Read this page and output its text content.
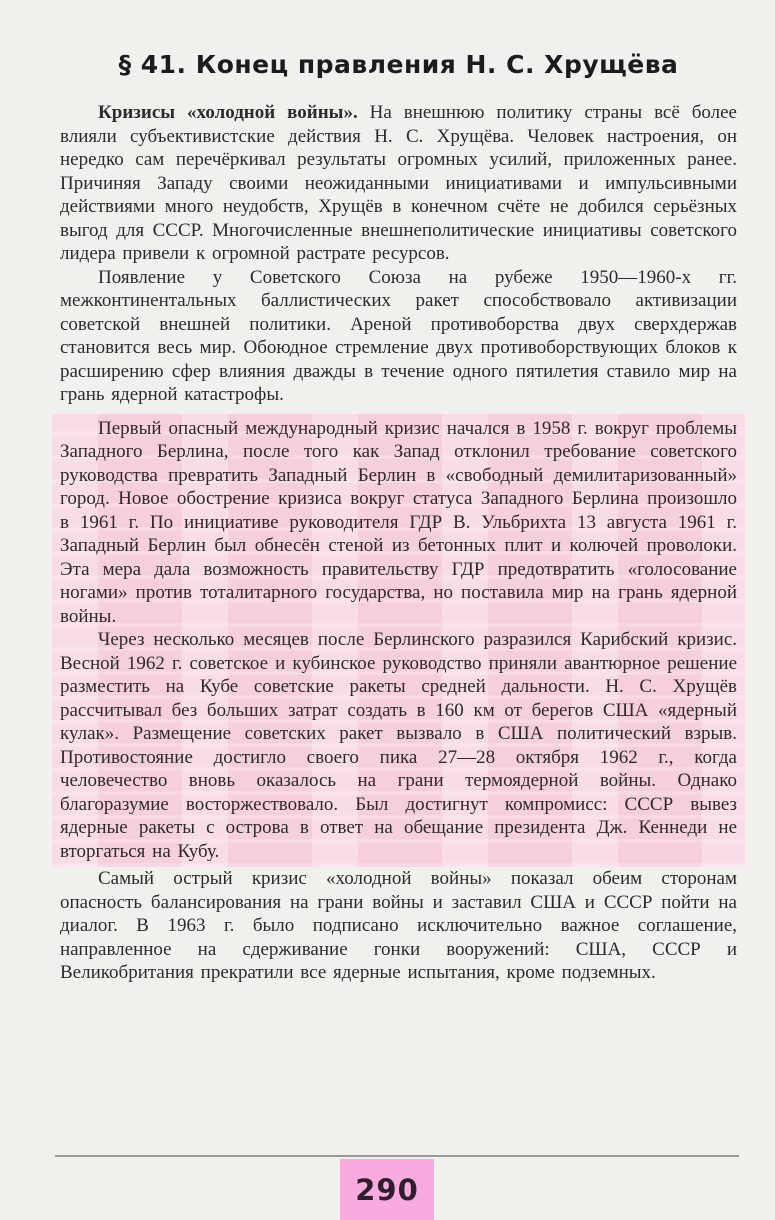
§ 41. Конец правления Н. С. Хрущёва

Кризисы «холодной войны». На внешнюю политику страны всё более влияли субъективистские действия Н. С. Хрущёва. Человек настроения, он нередко сам перечёркивал результаты огромных усилий, приложенных ранее. Причиняя Западу своими неожиданными инициативами и импульсивными действиями много неудобств, Хрущёв в конечном счёте не добился серьёзных выгод для СССР. Многочисленные внешнеполитические инициативы советского лидера привели к огромной растрате ресурсов.

Появление у Советского Союза на рубеже 1950—1960-х гг. межконтинентальных баллистических ракет способствовало активизации советской внешней политики. Ареной противоборства двух сверхдержав становится весь мир. Обоюдное стремление двух противоборствующих блоков к расширению сфер влияния дважды в течение одного пятилетия ставило мир на грань ядерной катастрофы.

Первый опасный международный кризис начался в 1958 г. вокруг проблемы Западного Берлина, после того как Запад отклонил требование советского руководства превратить Западный Берлин в «свободный демилитаризованный» город. Новое обострение кризиса вокруг статуса Западного Берлина произошло в 1961 г. По инициативе руководителя ГДР В. Ульбрихта 13 августа 1961 г. Западный Берлин был обнесён стеной из бетонных плит и колючей проволоки. Эта мера дала возможность правительству ГДР предотвратить «голосование ногами» против тоталитарного государства, но поставила мир на грань ядерной войны.

Через несколько месяцев после Берлинского разразился Карибский кризис. Весной 1962 г. советское и кубинское руководство приняли авантюрное решение разместить на Кубе советские ракеты средней дальности. Н. С. Хрущёв рассчитывал без больших затрат создать в 160 км от берегов США «ядерный кулак». Размещение советских ракет вызвало в США политический взрыв. Противостояние достигло своего пика 27—28 октября 1962 г., когда человечество вновь оказалось на грани термоядерной войны. Однако благоразумие восторжествовало. Был достигнут компромисс: СССР вывез ядерные ракеты с острова в ответ на обещание президента Дж. Кеннеди не вторгаться на Кубу.

Самый острый кризис «холодной войны» показал обеим сторонам опасность балансирования на грани войны и заставил США и СССР пойти на диалог. В 1963 г. было подписано исключительно важное соглашение, направленное на сдерживание гонки вооружений: США, СССР и Великобритания прекратили все ядерные испытания, кроме подземных.

290
